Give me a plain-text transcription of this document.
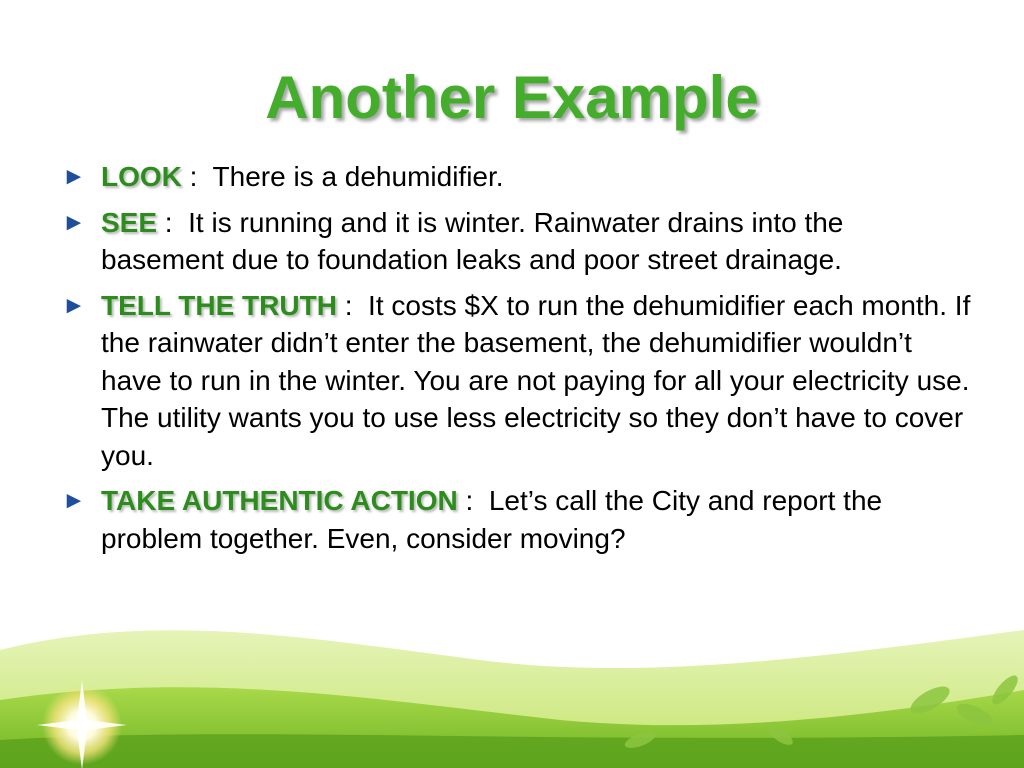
Another Example
► LOOK :  There is a dehumidifier.
► SEE :  It is running and it is winter. Rainwater drains into the basement due to foundation leaks and poor street drainage.
► TELL THE TRUTH :  It costs $X to run the dehumidifier each month. If the rainwater didn’t enter the basement, the dehumidifier wouldn’t have to run in the winter. You are not paying for all your electricity use. The utility wants you to use less electricity so they don’t have to cover you.
► TAKE AUTHENTIC ACTION :  Let’s call the City and report the problem together. Even, consider moving?
